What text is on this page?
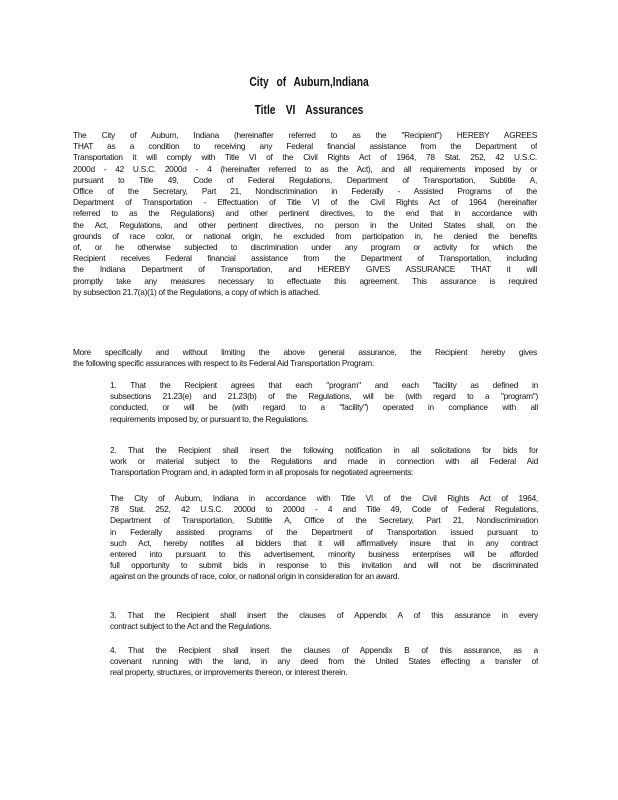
City of Auburn,Indiana
Title VI Assurances
The City of Auburn, Indiana (hereinafter referred to as the "Recipient") HEREBY AGREES
THAT as a condition to receiving any Federal financial assistance from the Department of
Transportation it will comply with Title VI of the Civil Rights Act of 1964, 78 Stat. 252, 42 U.S.C.
2000d - 42 U.S.C. 2000d - 4 (hereinafter referred to as the Act), and all requirements imposed by or
pursuant to Title 49, Code of Federal Regulations, Department of Transportation, Subtitle A,
Office of the Secretary, Part 21, Nondiscrimination in Federally - Assisted Programs of the
Department of Transportation - Effectuation of Title VI of the Civil Rights Act of 1964 (hereinafter
referred to as the Regulations) and other pertinent directives, to the end that in accordance with
the Act, Regulations, and other pertinent directives, no person in the United States shall, on the
grounds of race color, or national origin, he excluded from participation in, he denied the benefits
of, or he otherwise subjected to discrimination under any program or activity for which the
Recipient receives Federal financial assistance from the Department of Transportation, including
the Indiana Department of Transportation, and HEREBY GIVES ASSURANCE THAT it will
promptly take any measures necessary to effectuate this agreement. This assurance is required
by subsection 21.7(a)(1) of the Regulations, a copy of which is attached.
More specifically and without limiting the above general assurance, the Recipient hereby gives
the following specific assurances with respect to its Federal Aid Transportation Program:
1. That the Recipient agrees that each "program" and each "facility as defined in
subsections 21.23(e) and 21.23(b) of the Regulations, will be (with regard to a "program")
conducted, or will be (with regard to a "facility") operated in compliance with all
requirements imposed by, or pursuant to, the Regulations.
2. That the Recipient shall insert the following notification in all solicitations for bids for
work or material subject to the Regulations and made in connection with all Federal Aid
Transportation Program and, in adapted form in all proposals for negotiated agreements:
The City of Auburn, Indiana in accordance with Title VI of the Civil Rights Act of 1964,
78 Stat. 252, 42 U.S.C. 2000d to 2000d - 4 and Title 49, Code of Federal Regulations,
Department of Transportation, Subtitle A, Office of the Secretary, Part 21, Nondiscrimination
in Federally assisted programs of the Department of Transportation issued pursuant to
such Act, hereby notifies all bidders that it will affirmatively insure that in any contract
entered into pursuant to this advertisement, minority business enterprises will be afforded
full opportunity to submit bids in response to this invitation and will not be discriminated
against on the grounds of race, color, or national origin in consideration for an award.
3. That the Recipient shall insert the clauses of Appendix A of this assurance in every
contract subject to the Act and the Regulations.
4. That the Recipient shall insert the clauses of Appendix B of this assurance, as a
covenant running with the land, in any deed from the United States effecting a transfer of
real property, structures, or improvements thereon, or interest therein.
